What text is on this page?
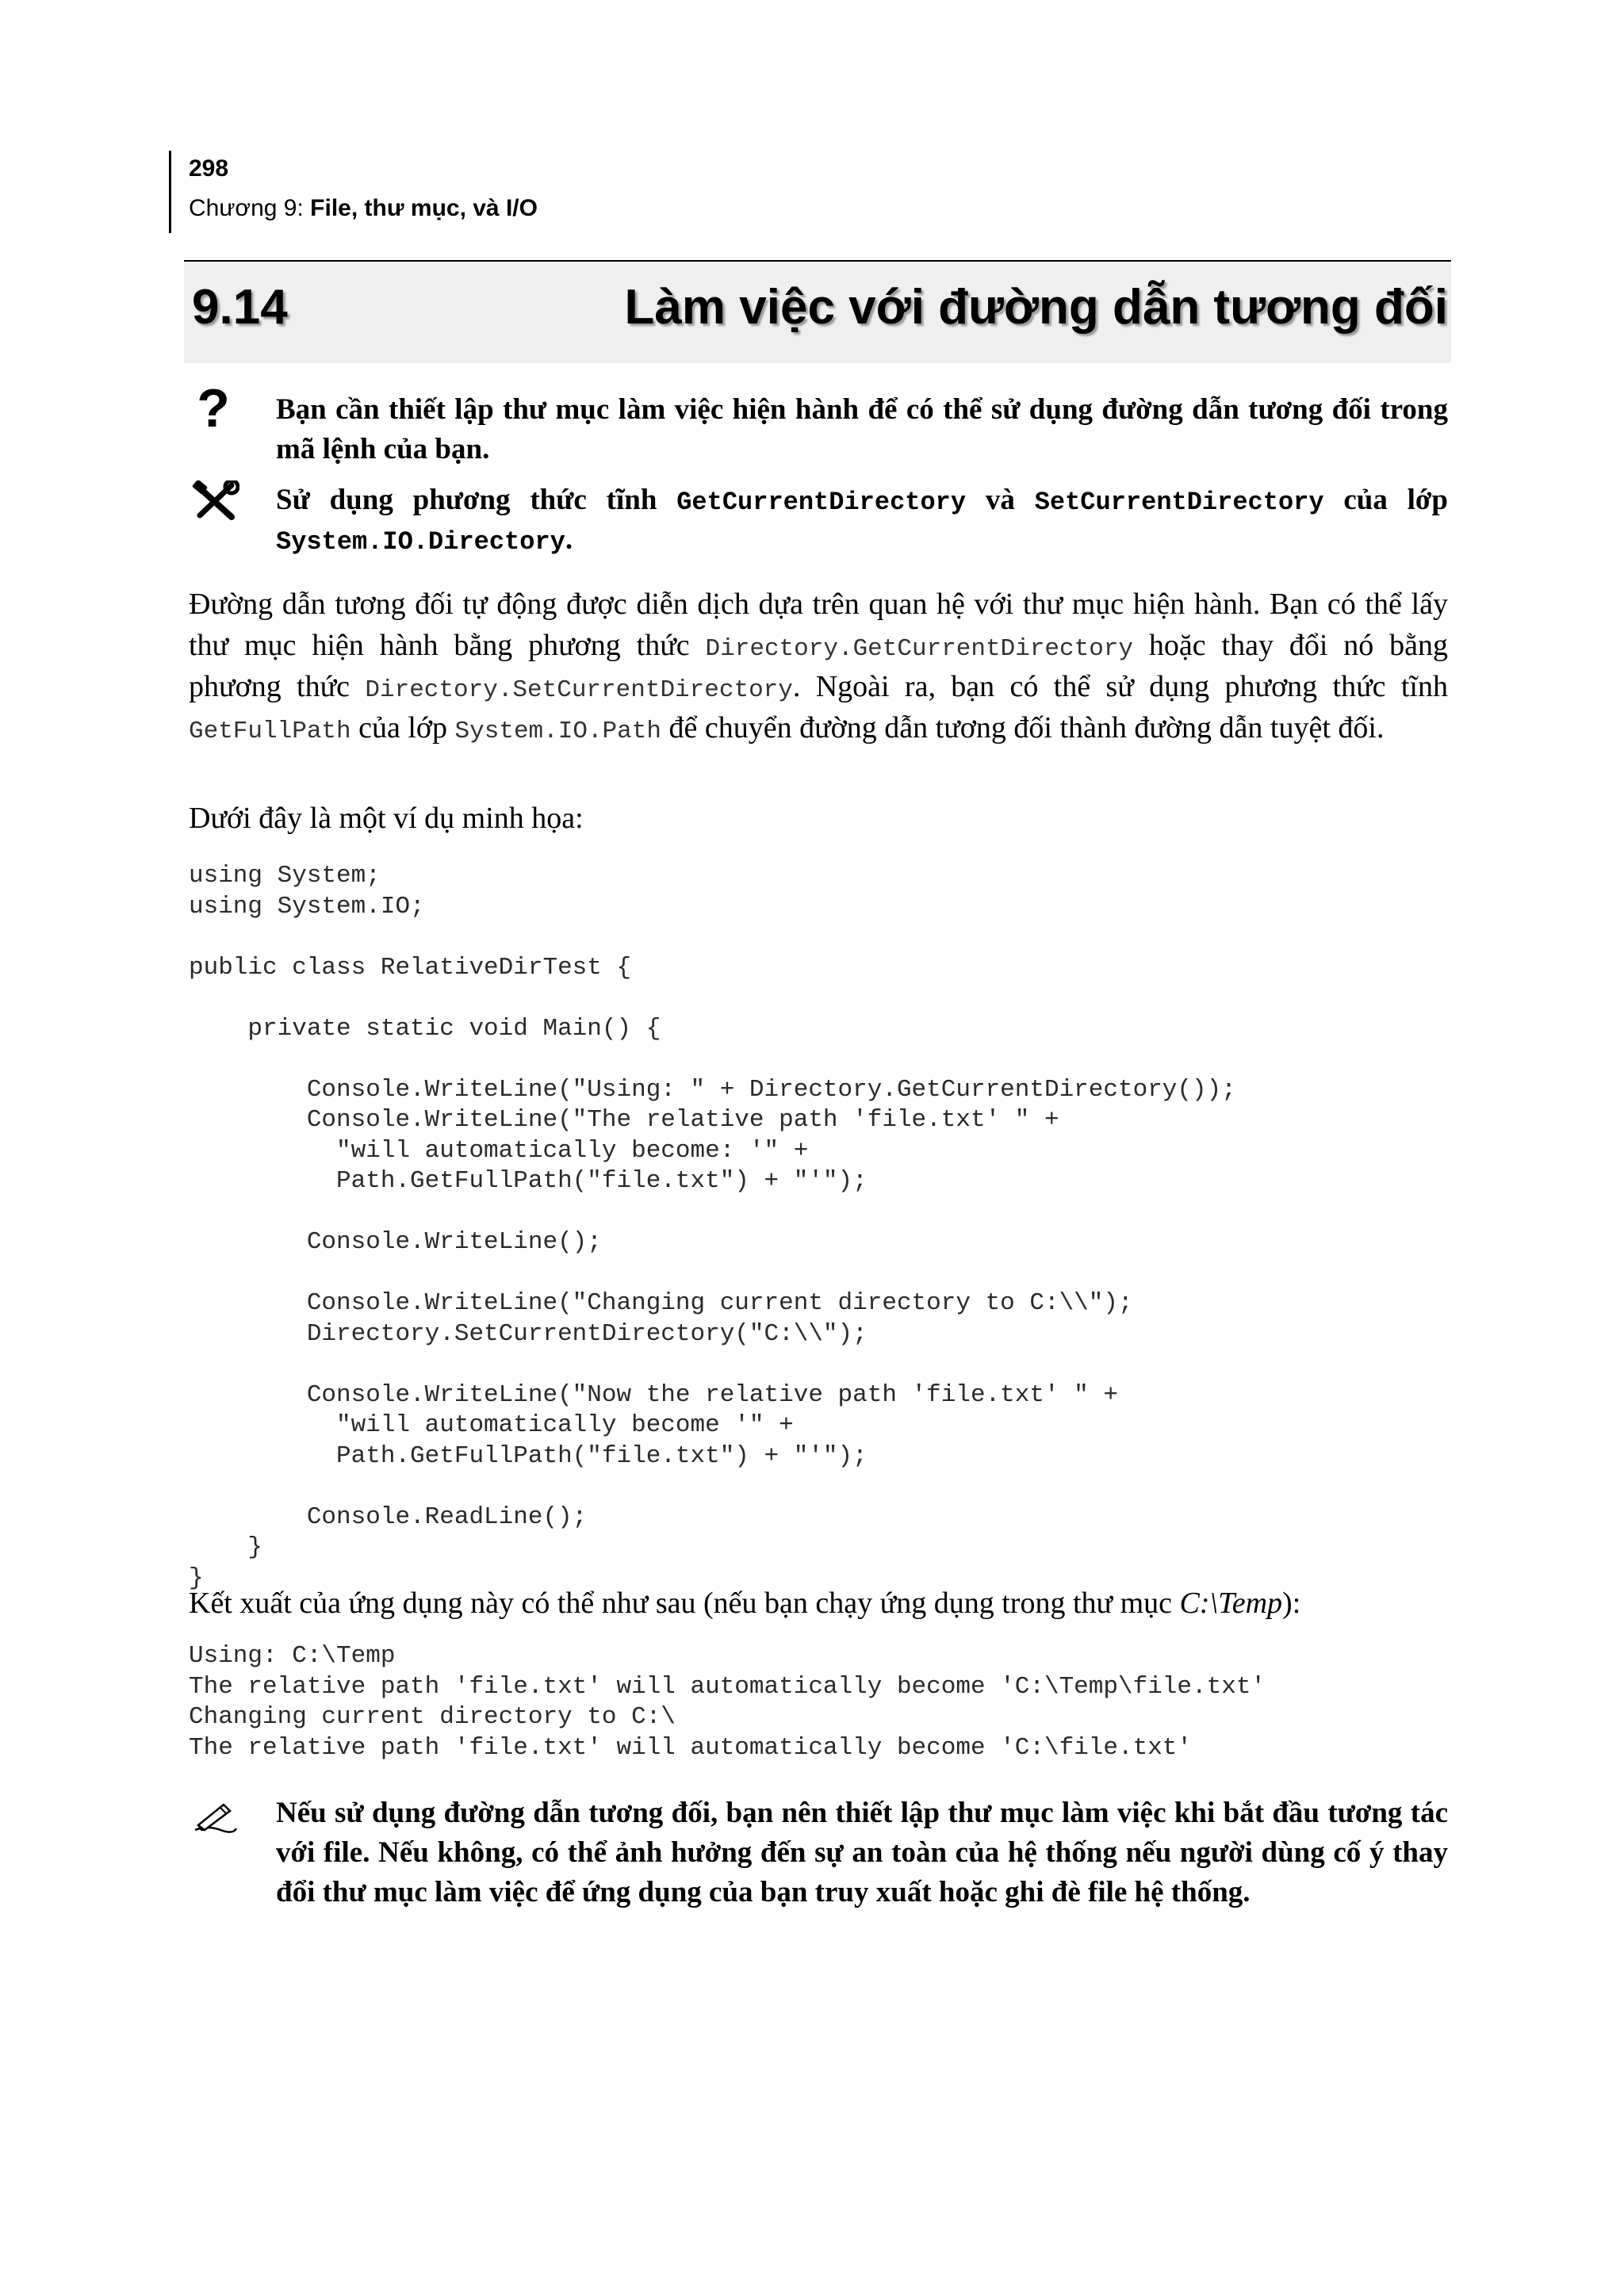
298
Chương 9: File, thư mục, và I/O
9.14	Làm việc với đường dẫn tương đối
? Bạn cần thiết lập thư mục làm việc hiện hành để có thể sử dụng đường dẫn tương đối trong mã lệnh của bạn.

Sử dụng phương thức tĩnh GetCurrentDirectory và SetCurrentDirectory của lớp System.IO.Directory.

Đường dẫn tương đối tự động được diễn dịch dựa trên quan hệ với thư mục hiện hành. Bạn có thể lấy thư mục hiện hành bằng phương thức Directory.GetCurrentDirectory hoặc thay đổi nó bằng phương thức Directory.SetCurrentDirectory. Ngoài ra, bạn có thể sử dụng phương thức tĩnh GetFullPath của lớp System.IO.Path để chuyển đường dẫn tương đối thành đường dẫn tuyệt đối.

Dưới đây là một ví dụ minh họa:

using System;
using System.IO;

public class RelativeDirTest {

private static void Main() {

Console.WriteLine("Using: " + Directory.GetCurrentDirectory());
Console.WriteLine("The relative path 'file.txt' " +
"will automatically become: '" +
Path.GetFullPath("file.txt") + "'");

Console.WriteLine();

Console.WriteLine("Changing current directory to C:\\");
Directory.SetCurrentDirectory("C:\\");

Console.WriteLine("Now the relative path 'file.txt' " +
"will automatically become '" +
Path.GetFullPath("file.txt") + "'");

Console.ReadLine();
}
}

Kết xuất của ứng dụng này có thể như sau (nếu bạn chạy ứng dụng trong thư mục C:\Temp):

Using: C:\Temp
The relative path 'file.txt' will automatically become 'C:\Temp\file.txt'
Changing current directory to C:\
The relative path 'file.txt' will automatically become 'C:\file.txt'

Nếu sử dụng đường dẫn tương đối, bạn nên thiết lập thư mục làm việc khi bắt đầu tương tác với file. Nếu không, có thể ảnh hưởng đến sự an toàn của hệ thống nếu người dùng cố ý thay đổi thư mục làm việc để ứng dụng của bạn truy xuất hoặc ghi đè file hệ thống.
